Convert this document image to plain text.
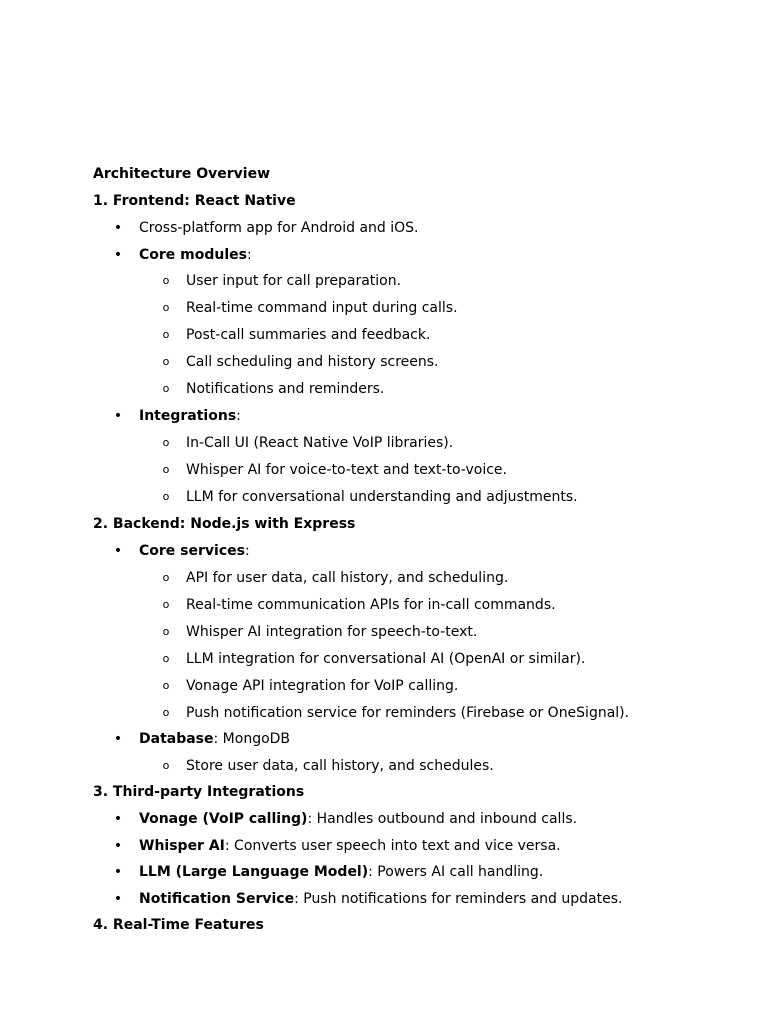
Architecture Overview
1. Frontend: React Native
• Cross-platform app for Android and iOS.
• Core modules:
o User input for call preparation.
o Real-time command input during calls.
o Post-call summaries and feedback.
o Call scheduling and history screens.
o Notifications and reminders.
• Integrations:
o In-Call UI (React Native VoIP libraries).
o Whisper AI for voice-to-text and text-to-voice.
o LLM for conversational understanding and adjustments.
2. Backend: Node.js with Express
• Core services:
o API for user data, call history, and scheduling.
o Real-time communication APIs for in-call commands.
o Whisper AI integration for speech-to-text.
o LLM integration for conversational AI (OpenAI or similar).
o Vonage API integration for VoIP calling.
o Push notification service for reminders (Firebase or OneSignal).
• Database: MongoDB
o Store user data, call history, and schedules.
3. Third-party Integrations
• Vonage (VoIP calling): Handles outbound and inbound calls.
• Whisper AI: Converts user speech into text and vice versa.
• LLM (Large Language Model): Powers AI call handling.
• Notification Service: Push notifications for reminders and updates.
4. Real-Time Features
